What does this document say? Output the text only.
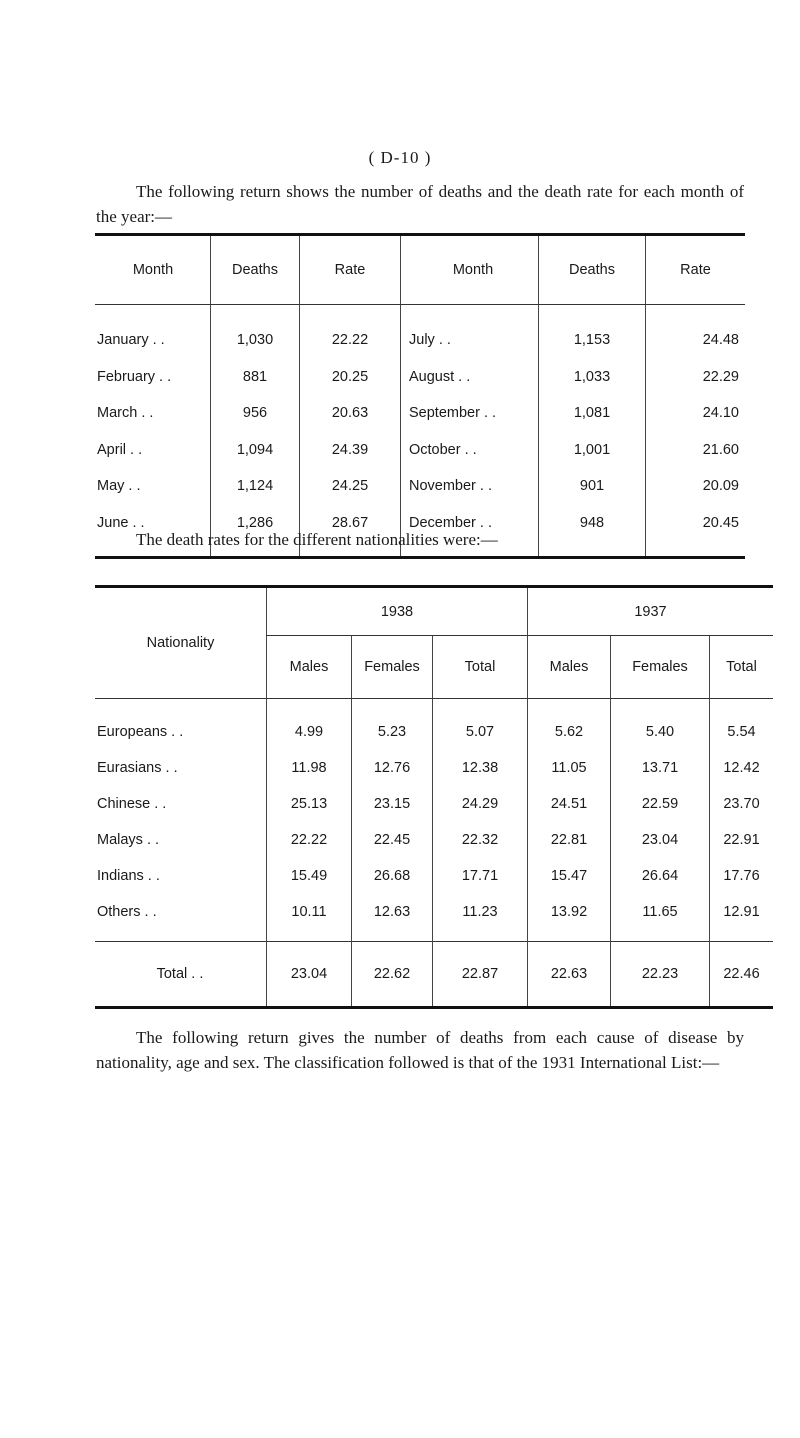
( D-10 )

The following return shows the number of deaths and the death rate for each month of the year:—

Month	Deaths	Rate	Month	Deaths	Rate
January . .	1,030	22.22	July . .	1,153	24.48
February . .	881	20.25	August . .	1,033	22.29
March . .	956	20.63	September . .	1,081	24.10
April . .	1,094	24.39	October . .	1,001	21.60
May . .	1,124	24.25	November . .	901	20.09
June . .	1,286	28.67	December . .	948	20.45

The death rates for the different nationalities were:—

Nationality	1938			1937		
	Males	Females	Total	Males	Females	Total
Europeans . .	4.99	5.23	5.07	5.62	5.40	5.54
Eurasians . .	11.98	12.76	12.38	11.05	13.71	12.42
Chinese . .	25.13	23.15	24.29	24.51	22.59	23.70
Malays . .	22.22	22.45	22.32	22.81	23.04	22.91
Indians . .	15.49	26.68	17.71	15.47	26.64	17.76
Others . .	10.11	12.63	11.23	13.92	11.65	12.91
Total . .	23.04	22.62	22.87	22.63	22.23	22.46

The following return gives the number of deaths from each cause of disease by nationality, age and sex. The classification followed is that of the 1931 International List:—
